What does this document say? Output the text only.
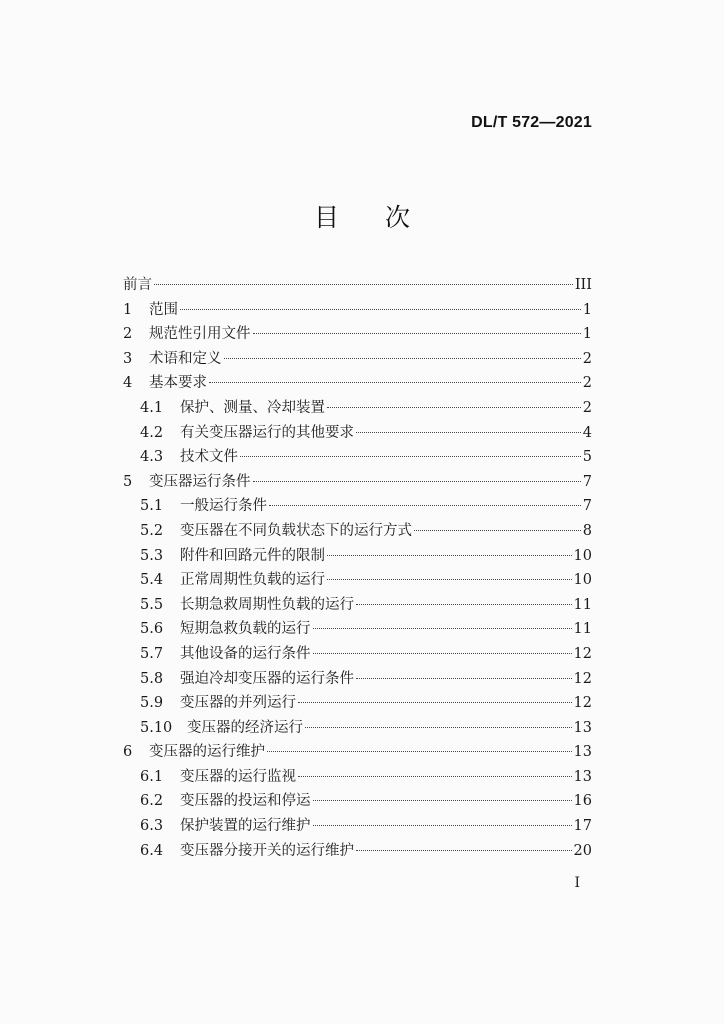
DL/T 572—2021
目次
前言	III
1	范围	1
2	规范性引用文件	1
3	术语和定义	2
4	基本要求	2
4.1	保护、测量、冷却装置	2
4.2	有关变压器运行的其他要求	4
4.3	技术文件	5
5	变压器运行条件	7
5.1	一般运行条件	7
5.2	变压器在不同负载状态下的运行方式	8
5.3	附件和回路元件的限制	10
5.4	正常周期性负载的运行	10
5.5	长期急救周期性负载的运行	11
5.6	短期急救负载的运行	11
5.7	其他设备的运行条件	12
5.8	强迫冷却变压器的运行条件	12
5.9	变压器的并列运行	12
5.10	变压器的经济运行	13
6	变压器的运行维护	13
6.1	变压器的运行监视	13
6.2	变压器的投运和停运	16
6.3	保护装置的运行维护	17
6.4	变压器分接开关的运行维护	20
I
